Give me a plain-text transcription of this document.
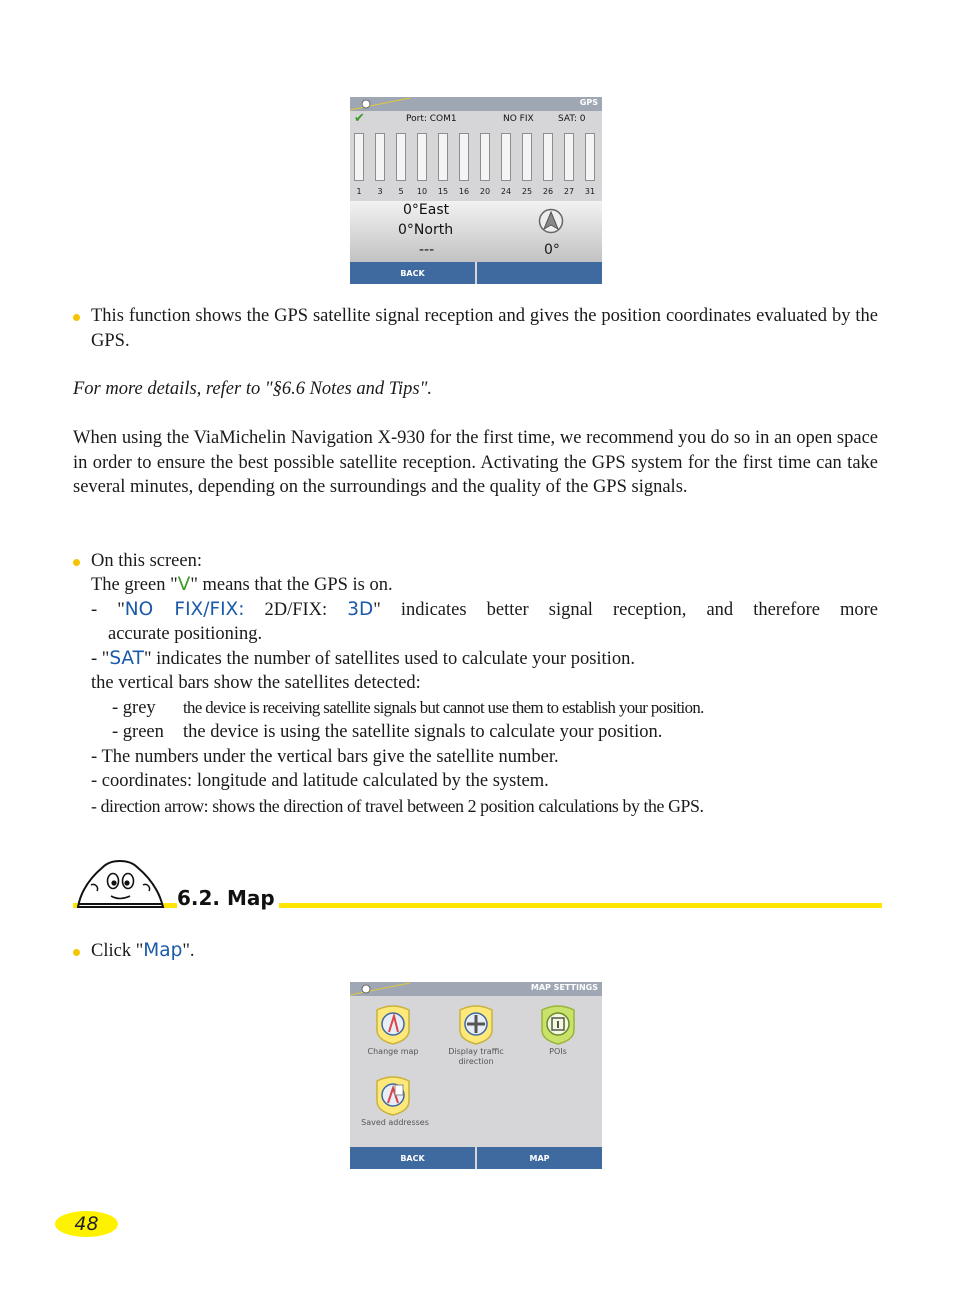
GPS
✔	Port: COM1	NO FIX	SAT: 0
1	3	5	10	15	16	20	24	25	26	27	31
0°East
0°North
---	0°
BACK
This function shows the GPS satellite signal reception and gives the position coordinates evaluated by the GPS.
For more details, refer to "§6.6 Notes and Tips".
When using the ViaMichelin Navigation X-930 for the first time, we recommend you do so in an open space in order to ensure the best possible satellite reception. Activating the GPS system for the first time can take several minutes, depending on the surroundings and the quality of the GPS signals.
On this screen:
The green "V" means that the GPS is on.
- "NO FIX/FIX: 2D/FIX: 3D" indicates better signal reception, and therefore more
accurate positioning.
- "SAT" indicates the number of satellites used to calculate your position.
the vertical bars show the satellites detected:
- grey the device is receiving satellite signals but cannot use them to establish your position.
- green the device is using the satellite signals to calculate your position.
- The numbers under the vertical bars give the satellite number.
- coordinates: longitude and latitude calculated by the system.
- direction arrow: shows the direction of travel between 2 position calculations by the GPS.
6.2. Map
Click "Map".
MAP SETTINGS
Change map	Display traffic direction
POIs
Saved addresses
BACK	MAP
48
